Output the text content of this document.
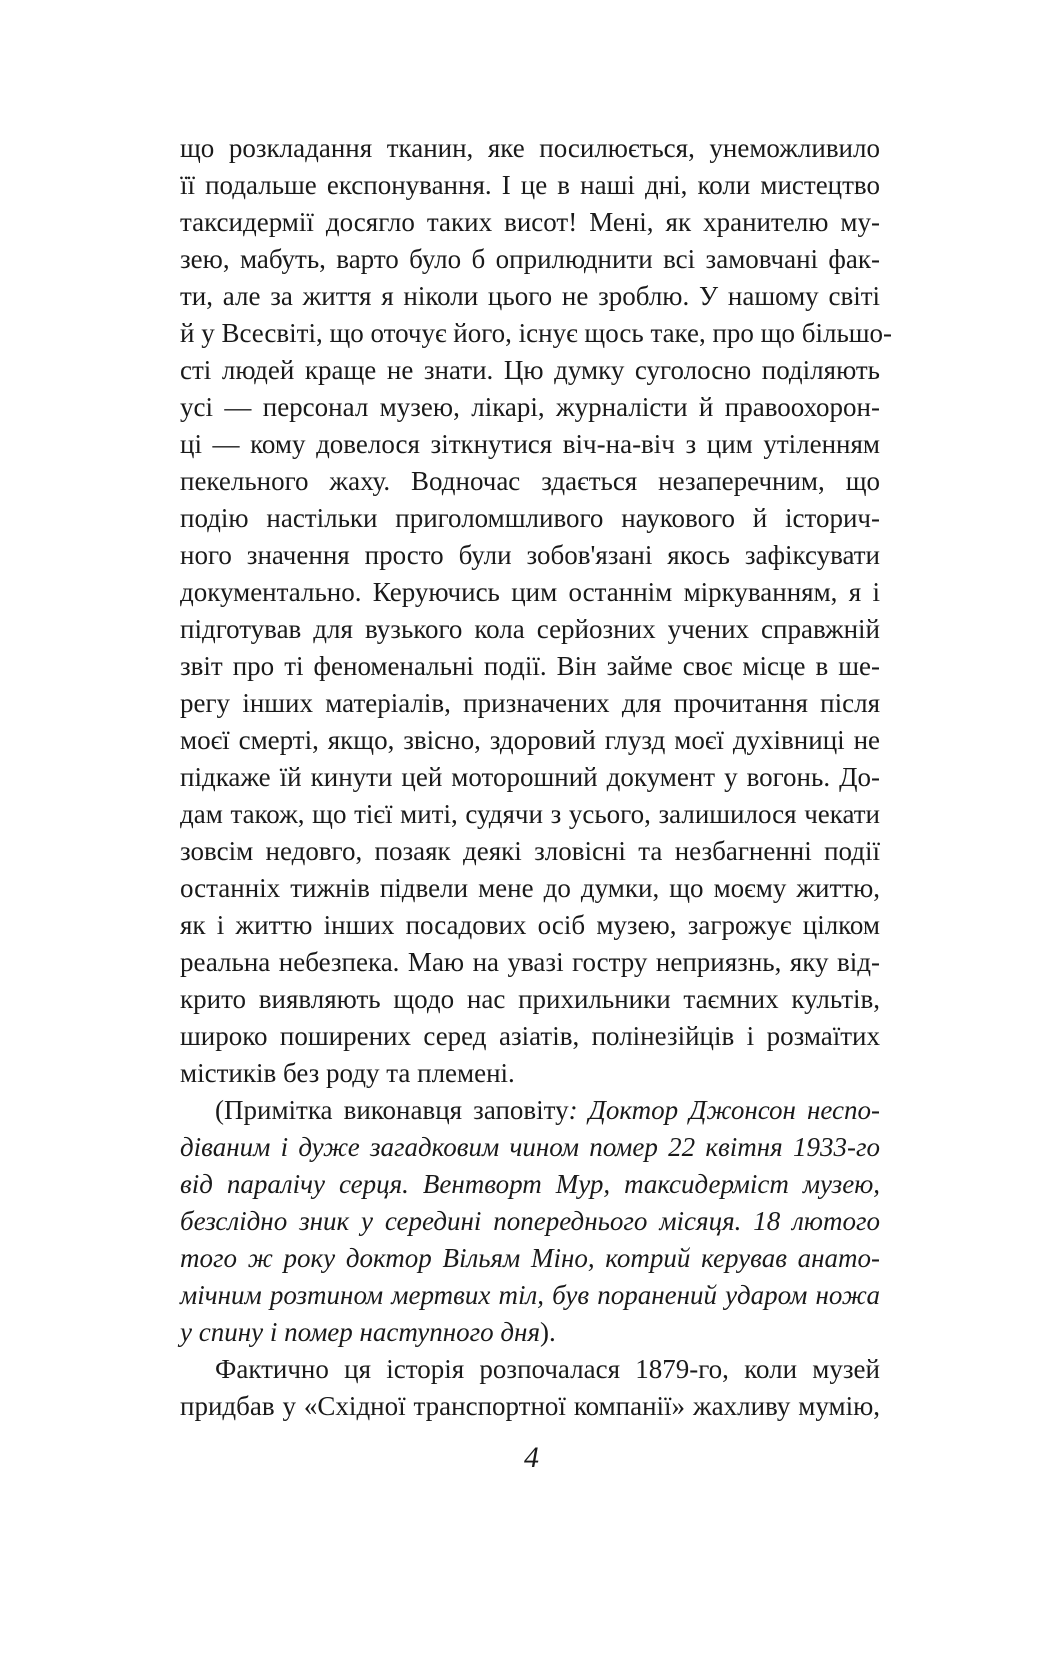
що розкладання тканин, яке посилюється, унеможливило
її подальше експонування. І це в наші дні, коли мистецтво
таксидермії досягло таких висот! Мені, як хранителю му-
зею, мабуть, варто було б оприлюднити всі замовчані фак-
ти, але за життя я ніколи цього не зроблю. У нашому світі
й у Всесвіті, що оточує його, існує щось таке, про що більшо-
сті людей краще не знати. Цю думку суголосно поділяють
усі — персонал музею, лікарі, журналісти й правоохорон-
ці — кому довелося зіткнутися віч-на-віч з цим утіленням
пекельного жаху. Водночас здається незаперечним, що
подію настільки приголомшливого наукового й історич-
ного значення просто були зобов'язані якось зафіксувати
документально. Керуючись цим останнім міркуванням, я і
підготував для вузького кола серйозних учених справжній
звіт про ті феноменальні події. Він займе своє місце в ше-
регу інших матеріалів, призначених для прочитання після
моєї смерті, якщо, звісно, здоровий глузд моєї духівниці не
підкаже їй кинути цей моторошний документ у вогонь. До-
дам також, що тієї миті, судячи з усього, залишилося чекати
зовсім недовго, позаяк деякі зловісні та незбагненні події
останніх тижнів підвели мене до думки, що моєму життю,
як і життю інших посадових осіб музею, загрожує цілком
реальна небезпека. Маю на увазі гостру неприязнь, яку від-
крито виявляють щодо нас прихильники таємних культів,
широко поширених серед азіатів, полінезійців і розмаїтих
містиків без роду та племені.
(Примітка виконавця заповіту: Доктор Джонсон неспо-
діваним і дуже загадковим чином помер 22 квітня 1933-го
від паралічу серця. Вентворт Мур, таксидерміст музею,
безслідно зник у середині попереднього місяця. 18 лютого
того ж року доктор Вільям Міно, котрий керував анато-
мічним розтином мертвих тіл, був поранений ударом ножа
у спину і помер наступного дня).
Фактично ця історія розпочалася 1879-го, коли музей
придбав у «Східної транспортної компанії» жахливу мумію,
4
